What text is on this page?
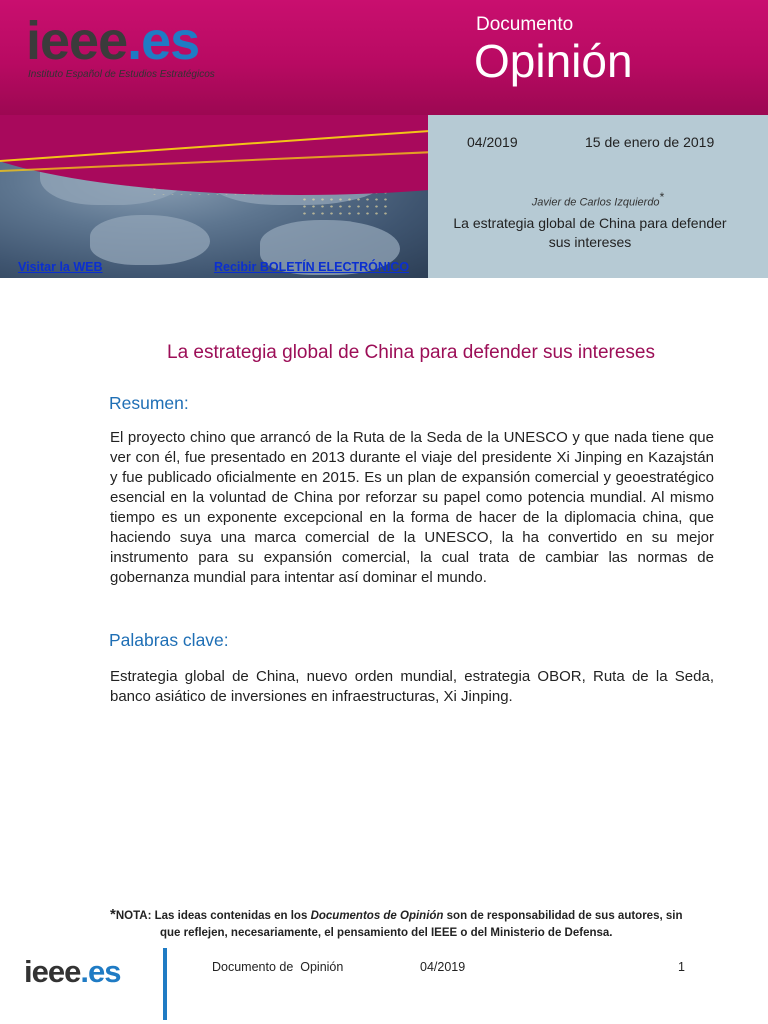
ieee.es
Instituto Español de Estudios Estratégicos
Documento
Opinión
04/2019	15 de enero de 2019
Javier de Carlos Izquierdo*
La estrategia global de China para defender sus intereses
Visitar la WEB	Recibir BOLETÍN ELECTRÓNICO
La estrategia global de China para defender sus intereses
Resumen:
El proyecto chino que arrancó de la Ruta de la Seda de la UNESCO y que nada tiene que ver con él, fue presentado en 2013 durante el viaje del presidente Xi Jinping en Kazajstán y fue publicado oficialmente en 2015. Es un plan de expansión comercial y geoestratégico esencial en la voluntad de China por reforzar su papel como potencia mundial. Al mismo tiempo es un exponente excepcional en la forma de hacer de la diplomacia china, que haciendo suya una marca comercial de la UNESCO, la ha convertido en su mejor instrumento para su expansión comercial, la cual trata de cambiar las normas de gobernanza mundial para intentar así dominar el mundo.
Palabras clave:
Estrategia global de China, nuevo orden mundial, estrategia OBOR, Ruta de la Seda, banco asiático de inversiones en infraestructuras, Xi Jinping.
*NOTA: Las ideas contenidas en los Documentos de Opinión son de responsabilidad de sus autores, sin
que reflejen, necesariamente, el pensamiento del IEEE o del Ministerio de Defensa.
ieee.es	Documento de  Opinión	04/2019	1
